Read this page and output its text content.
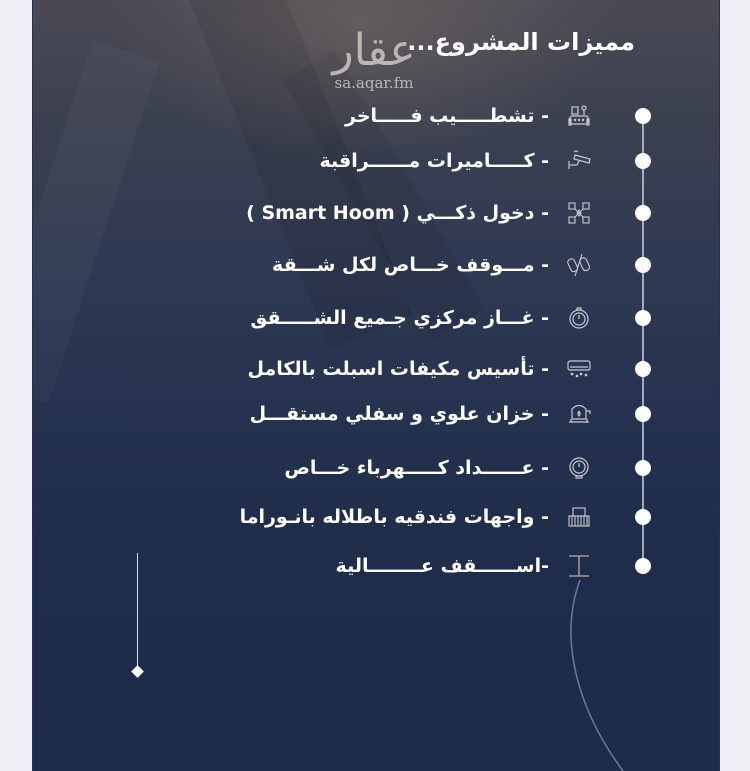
عقار
sa.aqar.fm
مميزات المشروع...
- تشطـــــيب فـــــاخر
- كـــــاميرات مــــــراقبة
- دخول ذكـــي ( Smart Hoom )
- مـــوقف خـــاص لكل شـــقة
- غـــاز مركزي جـميع الشـــــقق
- تأسيس مكيفات اسبلت بالكامل
- خزان علوي و سفلي مستقـــل
- عــــــداد كـــــهرباء خـــاص
- واجهات فندقيه باطلاله بانـوراما
-اســــــقف عــــــــالية
